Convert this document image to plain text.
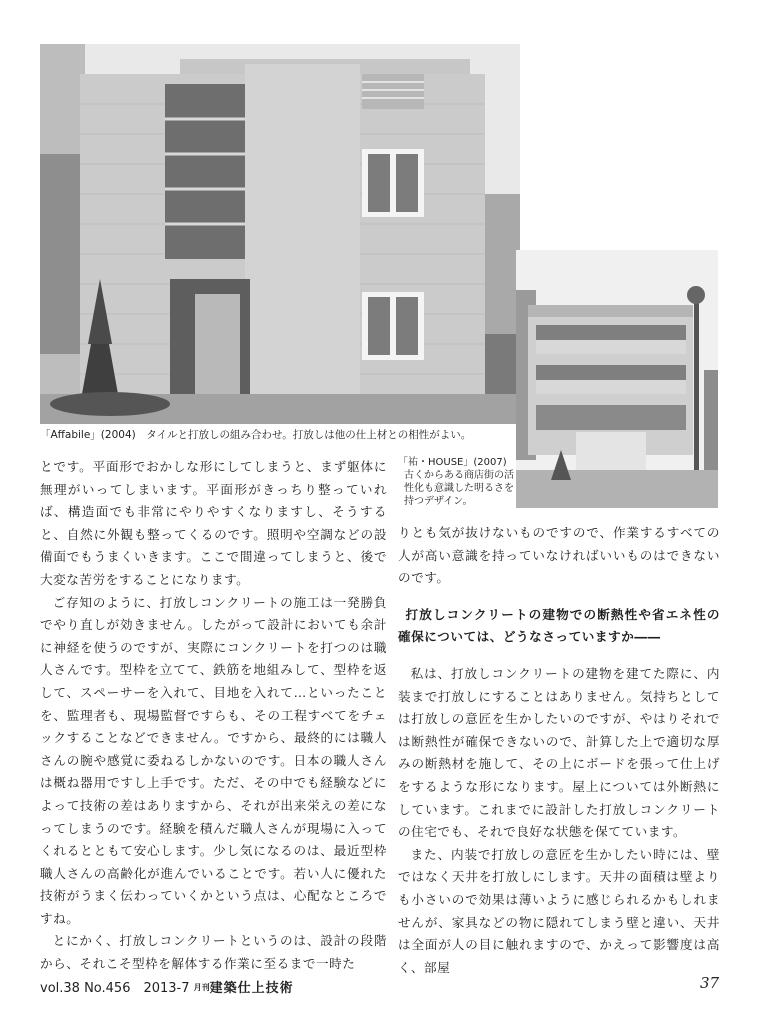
「Affabile」(2004)　タイルと打放しの組み合わせ。打放しは他の仕上材との相性がよい。
「祐・HOUSE」(2007)
古くからある商店街の活性化も意識した明るさを持つデザイン。

とです。平面形でおかしな形にしてしまうと、まず躯体に無理がいってしまいます。平面形がきっちり整っていれば、構造面でも非常にやりやすくなりますし、そうすると、自然に外観も整ってくるのです。照明や空調などの設備面でもうまくいきます。ここで間違ってしまうと、後で大変な苦労をすることになります。

ご存知のように、打放しコンクリートの施工は一発勝負でやり直しが効きません。したがって設計においても余計に神経を使うのですが、実際にコンクリートを打つのは職人さんです。型枠を立てて、鉄筋を地組みして、型枠を返して、スペーサーを入れて、目地を入れて…といったことを、監理者も、現場監督ですらも、その工程すべてをチェックすることなどできません。ですから、最終的には職人さんの腕や感覚に委ねるしかないのです。日本の職人さんは概ね器用ですし上手です。ただ、その中でも経験などによって技術の差はありますから、それが出来栄えの差になってしまうのです。経験を積んだ職人さんが現場に入ってくれるとともて安心します。少し気になるのは、最近型枠職人さんの高齢化が進んでいることです。若い人に優れた技術がうまく伝わっていくかという点は、心配なところですね。

とにかく、打放しコンクリートというのは、設計の段階から、それこそ型枠を解体する作業に至るまで一時た

りとも気が抜けないものですので、作業するすべての人が高い意識を持っていなければいいものはできないのです。

打放しコンクリートの建物での断熱性や省エネ性の確保については、どうなさっていますか――

私は、打放しコンクリートの建物を建てた際に、内装まで打放しにすることはありません。気持ちとしては打放しの意匠を生かしたいのですが、やはりそれでは断熱性が確保できないので、計算した上で適切な厚みの断熱材を施して、その上にボードを張って仕上げをするような形になります。屋上については外断熱にしています。これまでに設計した打放しコンクリートの住宅でも、それで良好な状態を保てています。

また、内装で打放しの意匠を生かしたい時には、壁ではなく天井を打放しにします。天井の面積は壁よりも小さいので効果は薄いように感じられるかもしれませんが、家具などの物に隠れてしまう壁と違い、天井は全面が人の目に触れますので、かえって影響度は高く、部屋

vol.38 No.456　2013-7 月刊建築仕上技術	37
